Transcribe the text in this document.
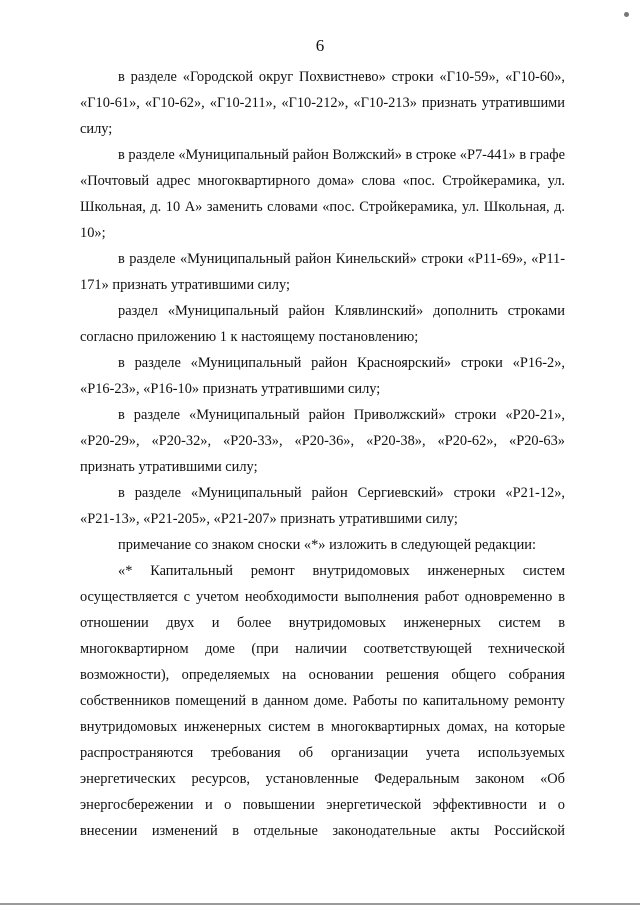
6

в разделе «Городской округ Похвистнево» строки «Г10-59», «Г10-60», «Г10-61», «Г10-62», «Г10-211», «Г10-212», «Г10-213» признать утратившими силу;

в разделе «Муниципальный район Волжский» в строке «Р7-441» в графе «Почтовый адрес многоквартирного дома» слова «пос. Стройкерамика, ул. Школьная, д. 10 А» заменить словами «пос. Стройкерамика, ул. Школьная, д. 10»;

в разделе «Муниципальный район Кинельский» строки «Р11-69», «Р11-171» признать утратившими силу;

раздел «Муниципальный район Клявлинский» дополнить строками согласно приложению 1 к настоящему постановлению;

в разделе «Муниципальный район Красноярский» строки «Р16-2», «Р16-23», «Р16-10» признать утратившими силу;

в разделе «Муниципальный район Приволжский» строки «Р20-21», «Р20-29», «Р20-32», «Р20-33», «Р20-36», «Р20-38», «Р20-62», «Р20-63» признать утратившими силу;

в разделе «Муниципальный район Сергиевский» строки «Р21-12», «Р21-13», «Р21-205», «Р21-207» признать утратившими силу;

примечание со знаком сноски «*» изложить в следующей редакции:

«* Капитальный ремонт внутридомовых инженерных систем осуществляется с учетом необходимости выполнения работ одновременно в отношении двух и более внутридомовых инженерных систем в многоквартирном доме (при наличии соответствующей технической возможности), определяемых на основании решения общего собрания собственников помещений в данном доме. Работы по капитальному ремонту внутридомовых инженерных систем в многоквартирных домах, на которые распространяются требования об организации учета используемых энергетических ресурсов, установленные Федеральным законом «Об энергосбережении и о повышении энергетической эффективности и о внесении изменений в отдельные законодательные акты Российской
